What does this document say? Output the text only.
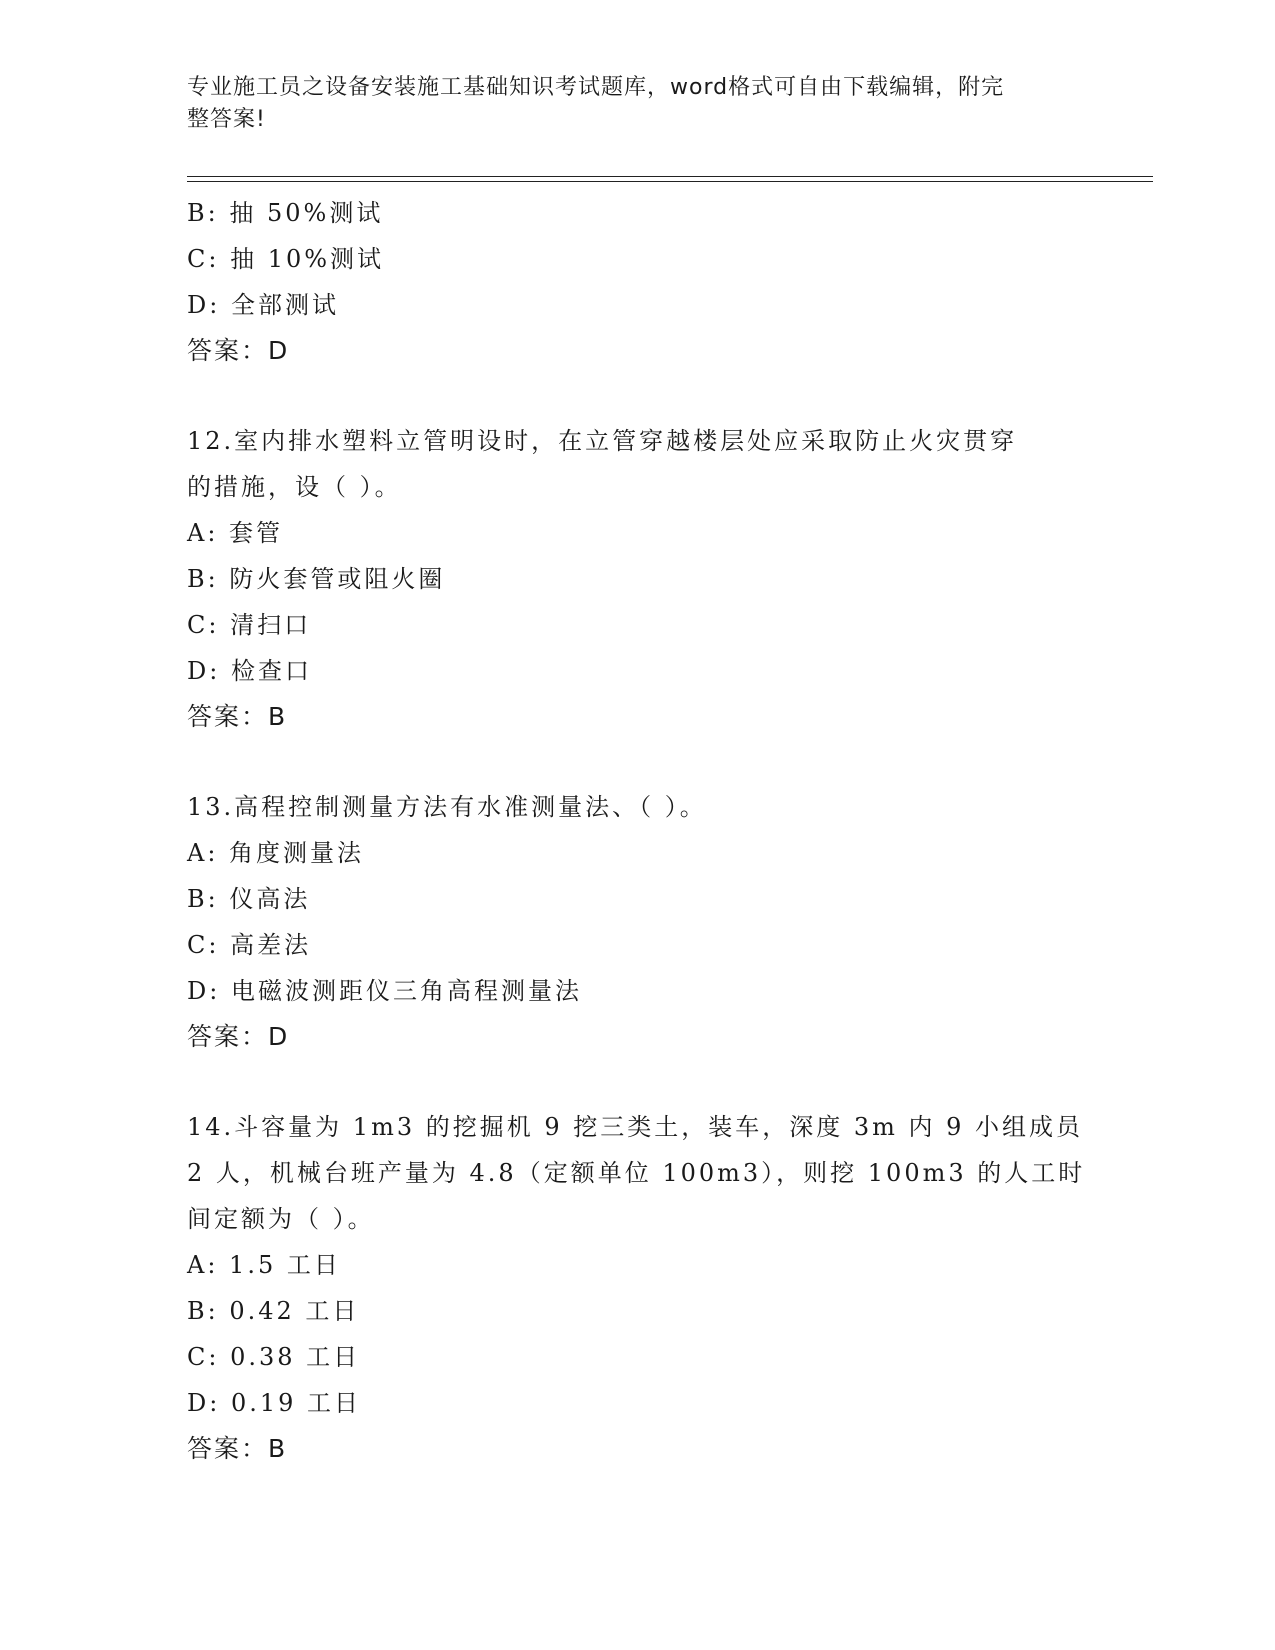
专业施工员之设备安装施工基础知识考试题库，word格式可自由下载编辑，附完
整答案!
B: 抽 50%测试
C: 抽 10%测试
D: 全部测试
答案：D
12.室内排水塑料立管明设时，在立管穿越楼层处应采取防止火灾贯穿
的措施，设（ ）。
A: 套管
B: 防火套管或阻火圈
C: 清扫口
D: 检查口
答案：B
13.高程控制测量方法有水准测量法、（ ）。
A: 角度测量法
B: 仪高法
C: 高差法
D: 电磁波测距仪三角高程测量法
答案：D
14.斗容量为 1m3 的挖掘机 9 挖三类土，装车，深度 3m 内 9 小组成员
2 人，机械台班产量为 4.8（定额单位 100m3），则挖 100m3 的人工时
间定额为（ ）。
A: 1.5 工日
B: 0.42 工日
C: 0.38 工日
D: 0.19 工日
答案：B
